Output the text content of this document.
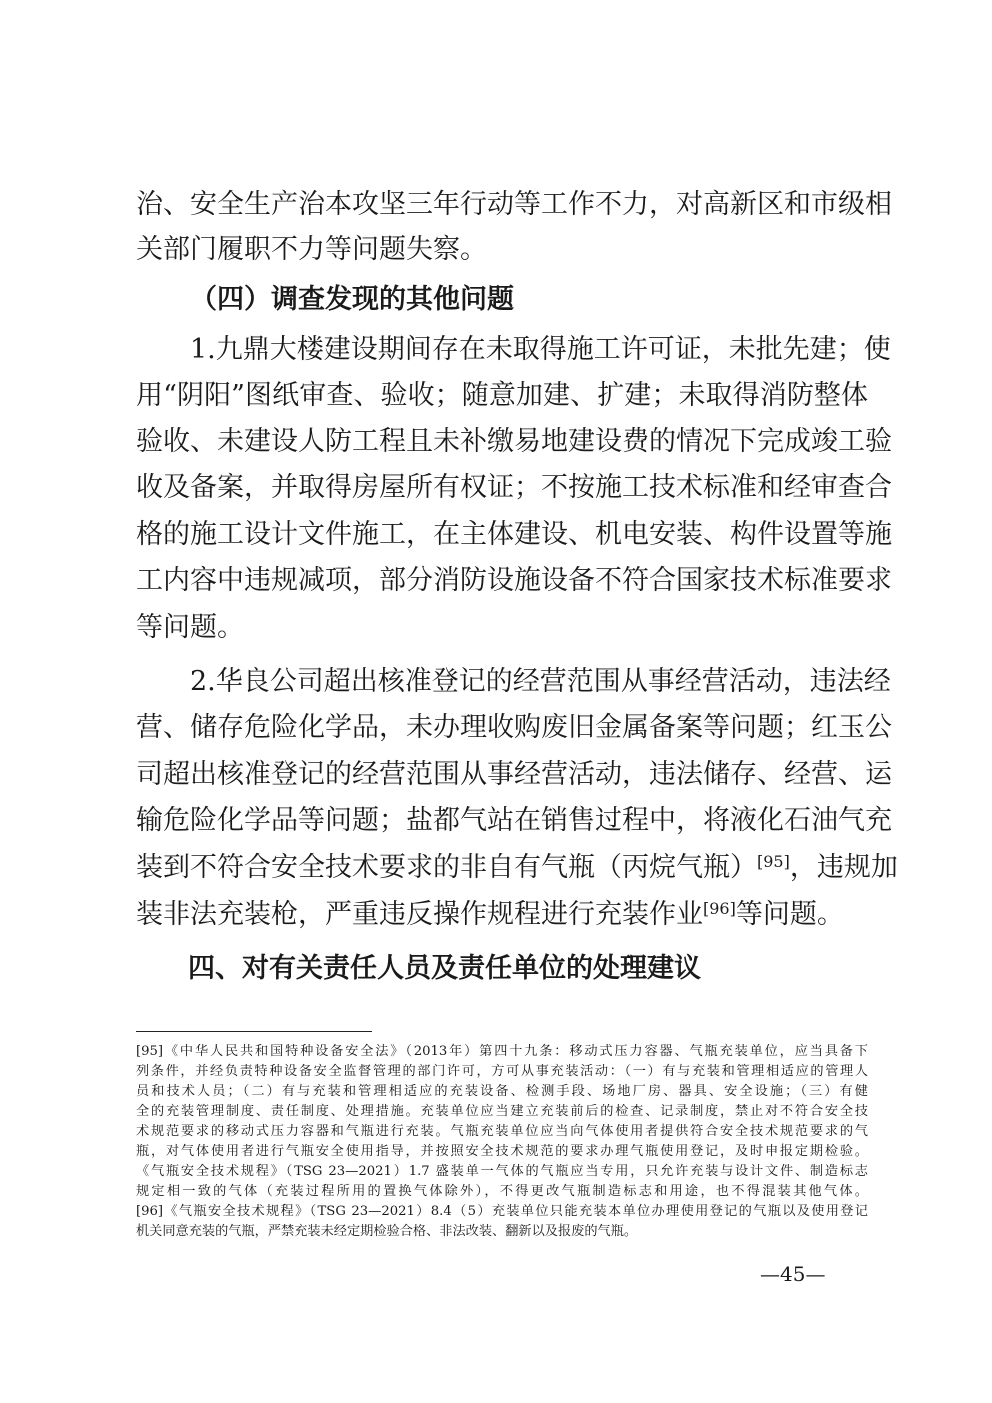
治、安全生产治本攻坚三年行动等工作不力，对高新区和市级相
关部门履职不力等问题失察。
（四）调查发现的其他问题
1.九鼎大楼建设期间存在未取得施工许可证，未批先建；使
用“阴阳”图纸审查、验收；随意加建、扩建；未取得消防整体
验收、未建设人防工程且未补缴易地建设费的情况下完成竣工验
收及备案，并取得房屋所有权证；不按施工技术标准和经审查合
格的施工设计文件施工，在主体建设、机电安装、构件设置等施
工内容中违规减项，部分消防设施设备不符合国家技术标准要求
等问题。
2.华良公司超出核准登记的经营范围从事经营活动，违法经
营、储存危险化学品，未办理收购废旧金属备案等问题；红玉公
司超出核准登记的经营范围从事经营活动，违法储存、经营、运
输危险化学品等问题；盐都气站在销售过程中，将液化石油气充
装到不符合安全技术要求的非自有气瓶（丙烷气瓶）[95]，违规加
装非法充装枪，严重违反操作规程进行充装作业[96]等问题。
四、对有关责任人员及责任单位的处理建议
[95]《中华人民共和国特种设备安全法》（2013年）第四十九条：移动式压力容器、气瓶充装单位，应当具备下
列条件，并经负责特种设备安全监督管理的部门许可，方可从事充装活动：（一）有与充装和管理相适应的管理人
员和技术人员；（二）有与充装和管理相适应的充装设备、检测手段、场地厂房、器具、安全设施；（三）有健
全的充装管理制度、责任制度、处理措施。充装单位应当建立充装前后的检查、记录制度，禁止对不符合安全技
术规范要求的移动式压力容器和气瓶进行充装。气瓶充装单位应当向气体使用者提供符合安全技术规范要求的气
瓶，对气体使用者进行气瓶安全使用指导，并按照安全技术规范的要求办理气瓶使用登记，及时申报定期检验。
《气瓶安全技术规程》（TSG 23—2021）1.7 盛装单一气体的气瓶应当专用，只允许充装与设计文件、制造标志
规定相一致的气体（充装过程所用的置换气体除外），不得更改气瓶制造标志和用途，也不得混装其他气体。
[96]《气瓶安全技术规程》（TSG 23—2021）8.4（5）充装单位只能充装本单位办理使用登记的气瓶以及使用登记
机关同意充装的气瓶，严禁充装未经定期检验合格、非法改装、翻新以及报废的气瓶。
—45—
